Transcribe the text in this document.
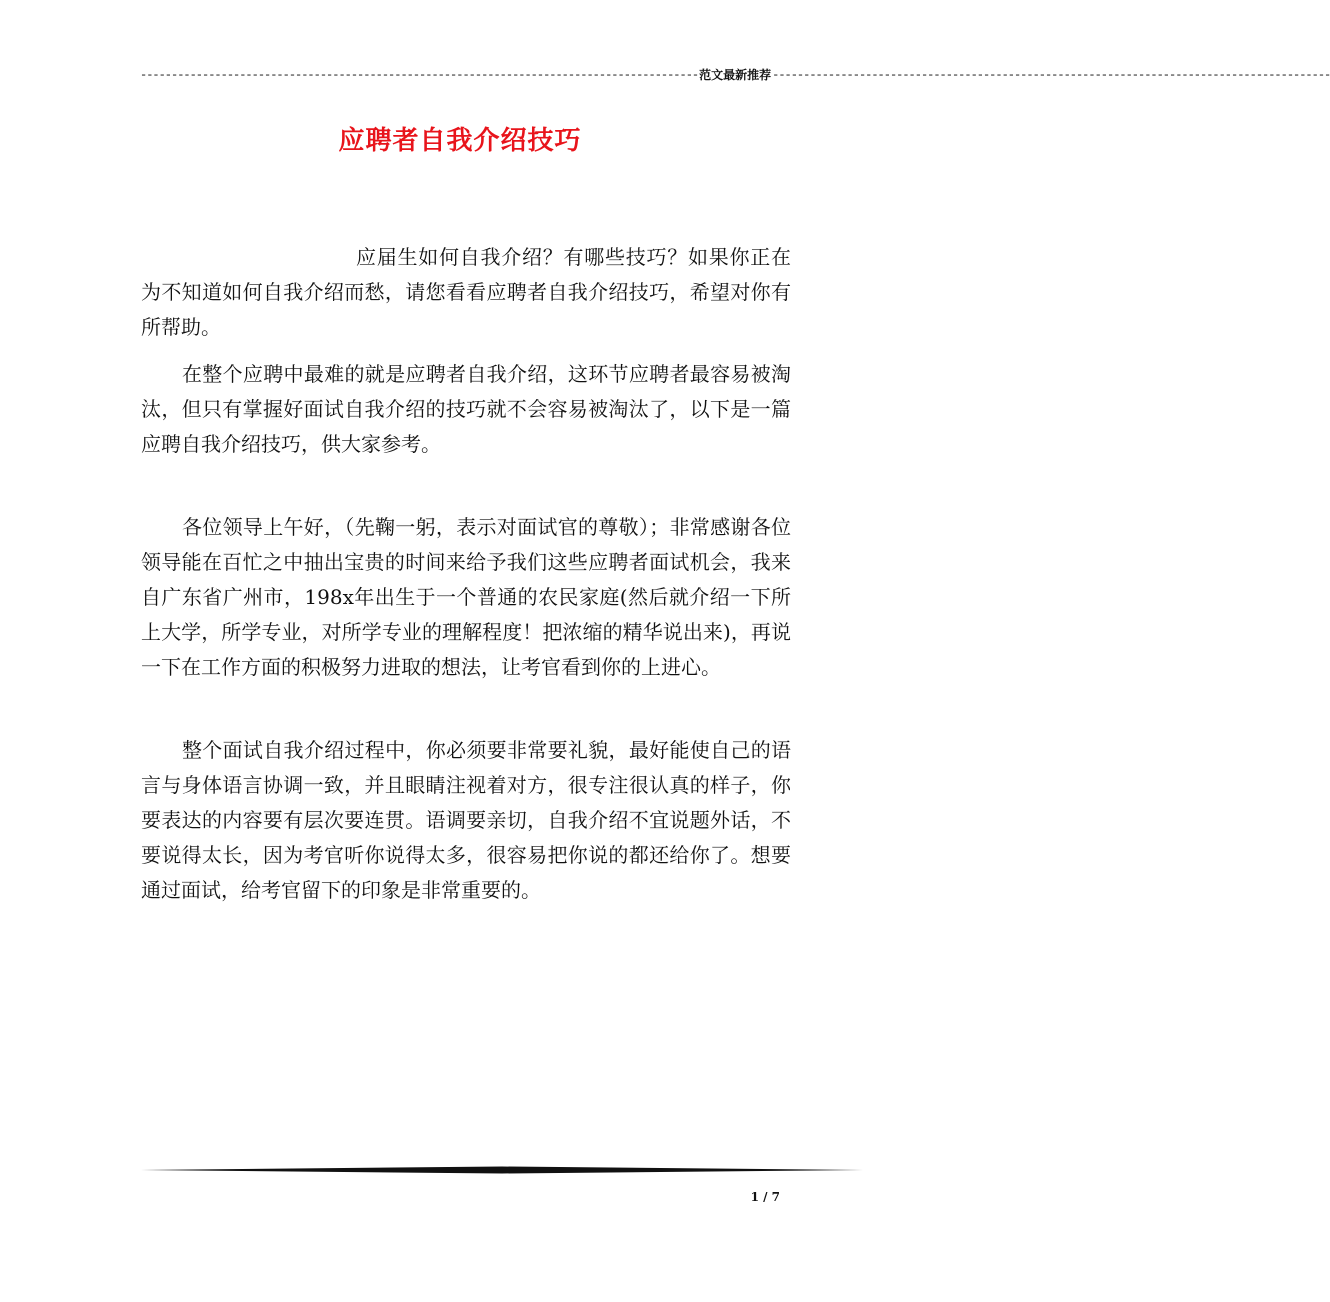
------------------------------------------------------------------------------------------ 范文最新推荐 ------------------------------------------------------------------------------------------
应聘者自我介绍技巧

应届生如何自我介绍？有哪些技巧？如果你正在为不知道如何自我介绍而愁，请您看看应聘者自我介绍技巧，希望对你有所帮助。

在整个应聘中最难的就是应聘者自我介绍，这环节应聘者最容易被淘汰，但只有掌握好面试自我介绍的技巧就不会容易被淘汰了，以下是一篇应聘自我介绍技巧，供大家参考。

各位领导上午好，（先鞠一躬，表示对面试官的尊敬）；非常感谢各位领导能在百忙之中抽出宝贵的时间来给予我们这些应聘者面试机会，我来自广东省广州市，198x年出生于一个普通的农民家庭(然后就介绍一下所上大学，所学专业，对所学专业的理解程度！把浓缩的精华说出来)，再说一下在工作方面的积极努力进取的想法，让考官看到你的上进心。

整个面试自我介绍过程中，你必须要非常要礼貌，最好能使自己的语言与身体语言协调一致，并且眼睛注视着对方，很专注很认真的样子，你要表达的内容要有层次要连贯。语调要亲切，自我介绍不宜说题外话，不要说得太长，因为考官听你说得太多，很容易把你说的都还给你了。想要通过面试，给考官留下的印象是非常重要的。

1 / 7
